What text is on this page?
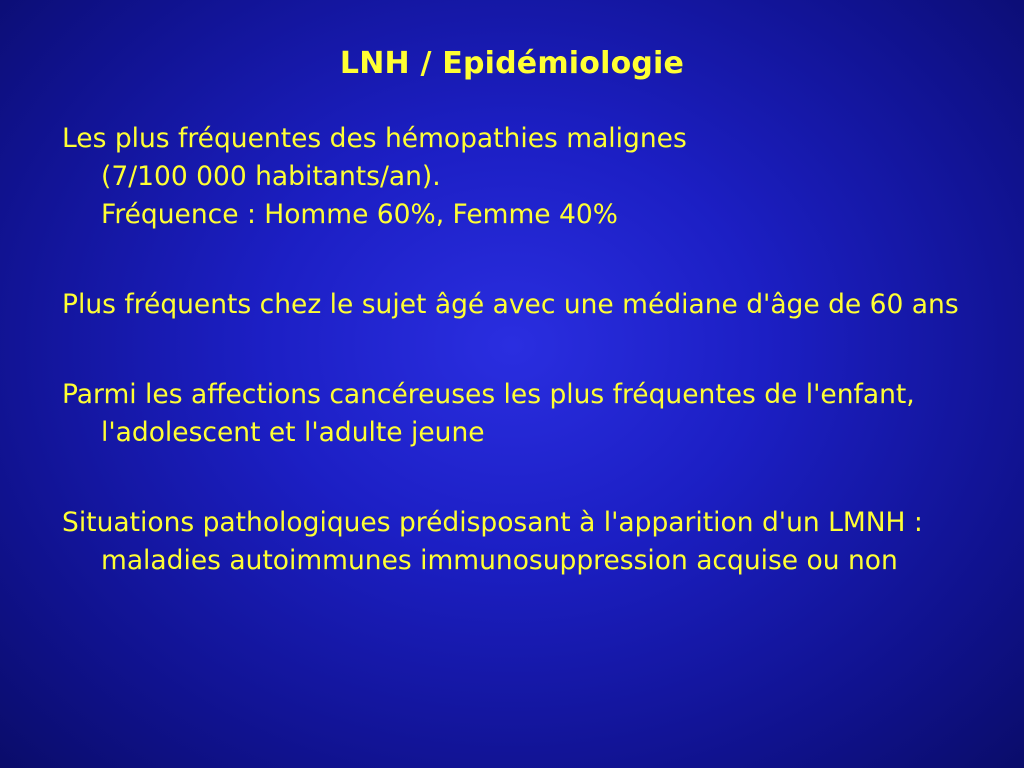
LNH / Epidémiologie

Les plus fréquentes des hémopathies malignes

(7/100 000 habitants/an).

Fréquence : Homme 60%, Femme 40%

Plus fréquents chez le sujet âgé avec une médiane d'âge de 60 ans

Parmi les affections cancéreuses les plus fréquentes de l'enfant, l'adolescent et l'adulte jeune

Situations pathologiques prédisposant à l'apparition d'un LMNH : maladies autoimmunes immunosuppression acquise ou non
